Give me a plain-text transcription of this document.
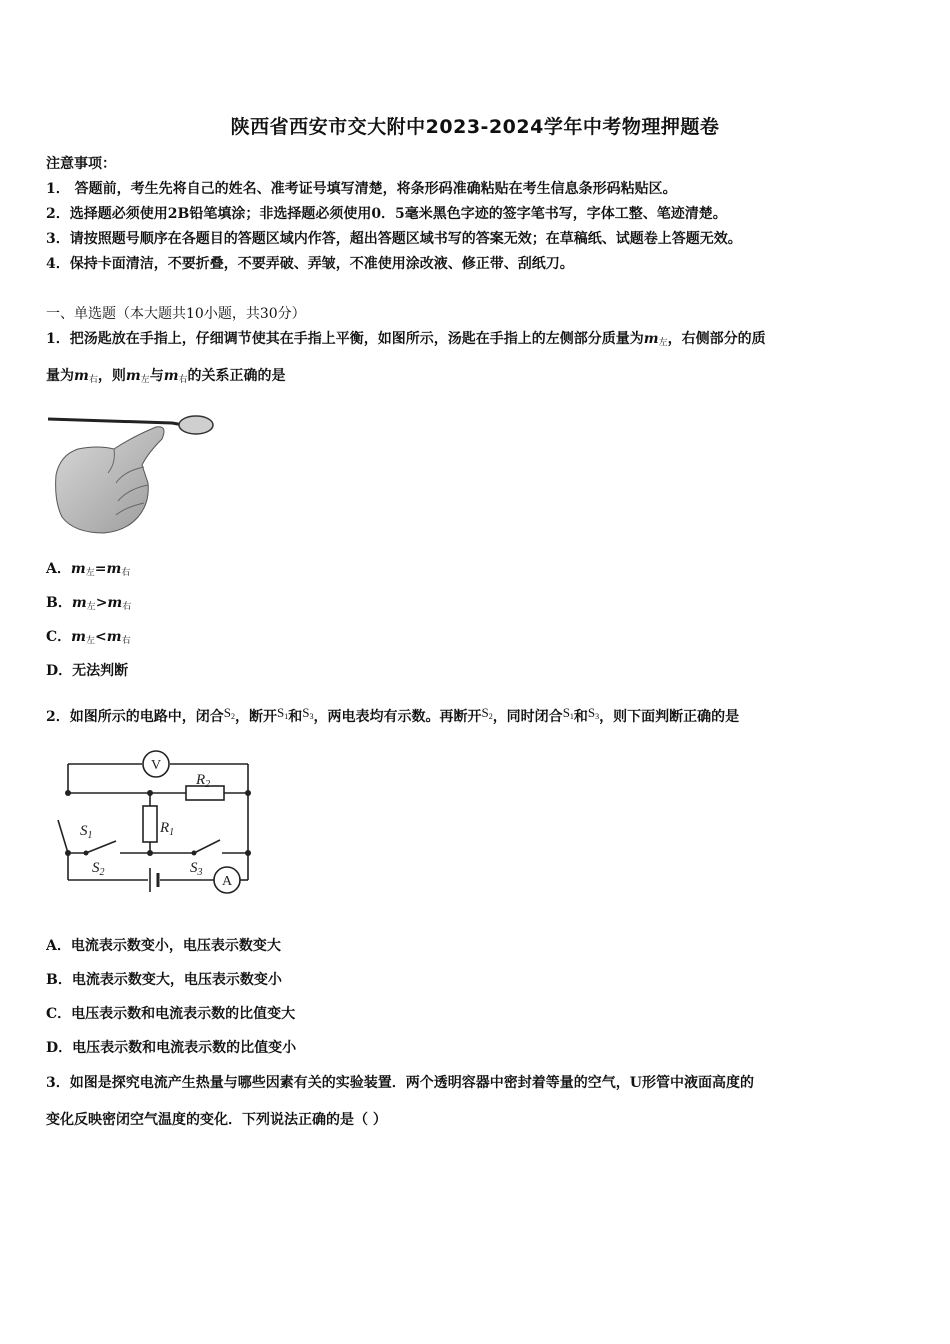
陕西省西安市交大附中2023-2024学年中考物理押题卷
注意事项：
1． 答题前，考生先将自己的姓名、准考证号填写清楚，将条形码准确粘贴在考生信息条形码粘贴区。
2．选择题必须使用2B铅笔填涂；非选择题必须使用0．5毫米黑色字迹的签字笔书写，字体工整、笔迹清楚。
3．请按照题号顺序在各题目的答题区域内作答，超出答题区域书写的答案无效；在草稿纸、试题卷上答题无效。
4．保持卡面清洁，不要折叠，不要弄破、弄皱，不准使用涂改液、修正带、刮纸刀。
一、单选题（本大题共10小题，共30分）
1．把汤匙放在手指上，仔细调节使其在手指上平衡，如图所示，汤匙在手指上的左侧部分质量为$m_左$，右侧部分的质
量为$m_右$，则$m_左$与$m_右$的关系正确的是
A．$m_左=m_右$
B．$m_左>m_右$
C．$m_左<m_右$
D．无法判断
2．如图所示的电路中，闭合S2，断开S1和S3，两电表均有示数。再断开S2，同时闭合S1和S3，则下面判断正确的是
V
A
$R_2$
$R_1$
$S_1$
$S_2$	$S_3$
A．电流表示数变小，电压表示数变大
B．电流表示数变大，电压表示数变小
C．电压表示数和电流表示数的比值变大
D．电压表示数和电流表示数的比值变小
3．如图是探究电流产生热量与哪些因素有关的实验装置．两个透明容器中密封着等量的空气，U形管中液面高度的
变化反映密闭空气温度的变化．下列说法正确的是（ ）
